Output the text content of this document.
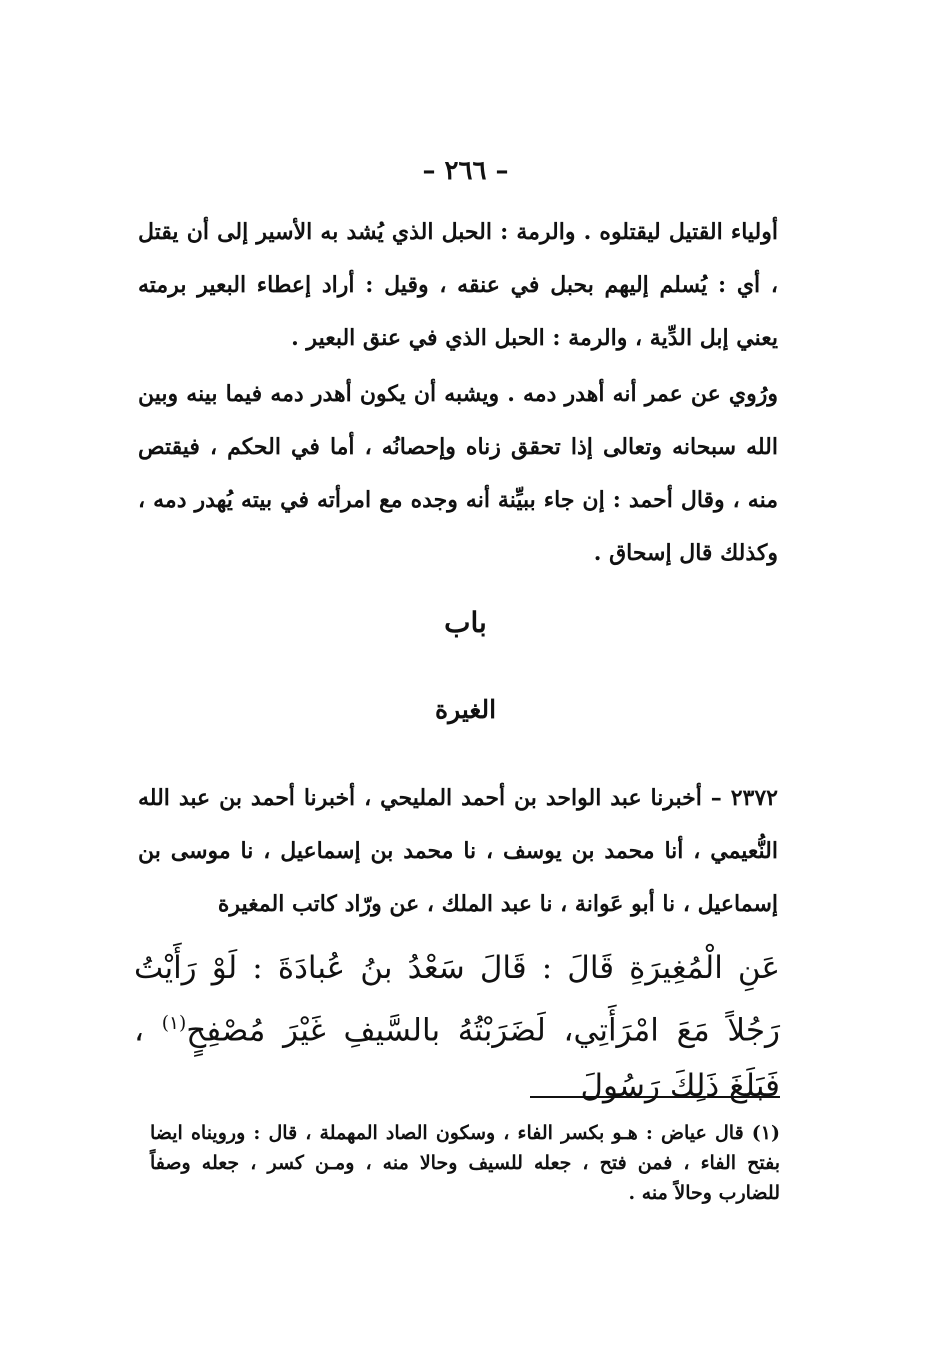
– ٢٦٦ –
أولياء القتيل ليقتلوه . والرمة : الحبل الذي يُشد به الأسير إلى أن يقتل ، أي : يُسلم إليهم بحبل في عنقه ، وقيل : أراد إعطاء البعير برمته يعني إبل الدِّية ، والرمة : الحبل الذي في عنق البعير .
ورُوي عن عمر أنه أهدر دمه . ويشبه أن يكون أهدر دمه فيما بينه وبين الله سبحانه وتعالى إذا تحقق زناه وإحصانُه ، أما في الحكم ، فيقتص منه ، وقال أحمد : إن جاء ببيِّنة أنه وجده مع امرأته في بيته يُهدر دمه ، وكذلك قال إسحاق .
باب
الغيرة
٢٣٧٢ – أخبرنا عبد الواحد بن أحمد المليحي ، أخبرنا أحمد بن عبد الله النُّعيمي ، أنا محمد بن يوسف ، نا محمد بن إسماعيل ، نا موسى بن إسماعيل ، نا أبو عَوانة ، نا عبد الملك ، عن ورّاد كاتب المغيرة
عَنِ الْمُغِيرَةِ قَالَ : قَالَ سَعْدُ بنُ عُبادَةَ : لَوْ رَأَيْتُ رَجُلاً مَعَ امْرَأَتِي، لَضَرَبْتُهُ بالسَّيفِ غَيْرَ مُصْفِحٍ$^{(١)}$ ، فَبَلَغَ ذَلِكَ رَسُولَ
(١) قال عياض : هـو بكسر الفاء ، وسكون الصاد المهملة ، قال : ورويناه ايضا بفتح الفاء ، فمن فتح ، جعله للسيف وحالا منه ، ومـن كسر ، جعله وصفاً للضارب وحالاً منه .
